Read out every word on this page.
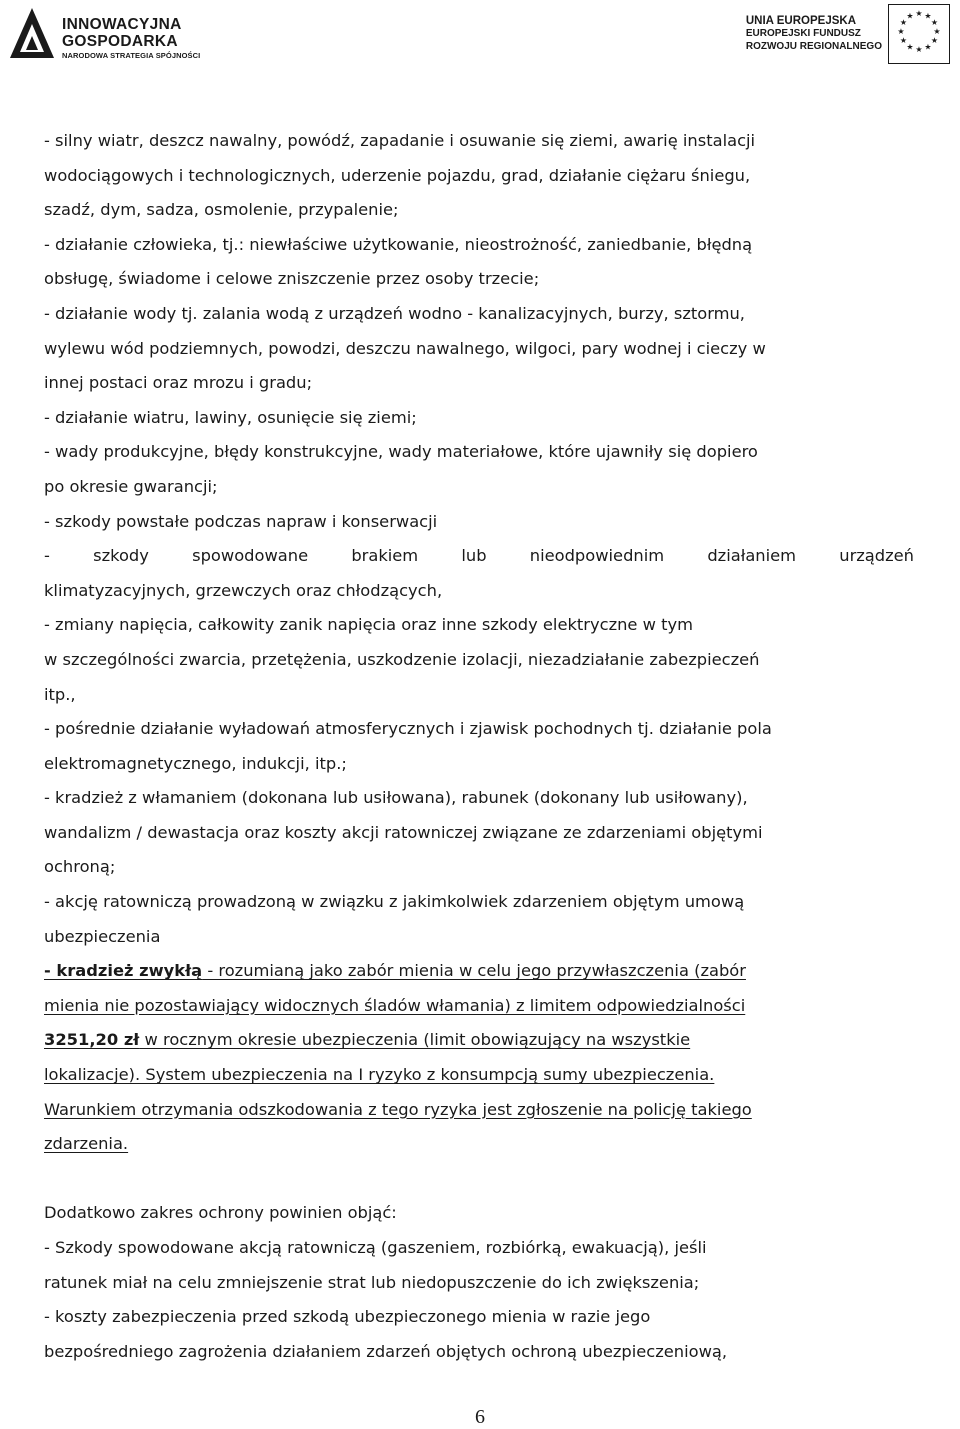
INNOWACYJNA
GOSPODARKA
NARODOWA STRATEGIA SPÓJNOŚCI
UNIA EUROPEJSKA
EUROPEJSKI FUNDUSZ
ROZWOJU REGIONALNEGO
★ ★
★
★
★
★
★
★
★
★
★
★
- silny wiatr, deszcz nawalny, powódź, zapadanie i osuwanie się ziemi, awarię instalacji
wodociągowych i technologicznych, uderzenie pojazdu, grad, działanie ciężaru śniegu,
szadź, dym, sadza, osmolenie, przypalenie;
- działanie człowieka, tj.: niewłaściwe użytkowanie, nieostrożność, zaniedbanie, błędną
obsługę, świadome i celowe zniszczenie przez osoby trzecie;
- działanie wody tj. zalania wodą z urządzeń wodno - kanalizacyjnych, burzy, sztormu,
wylewu wód podziemnych, powodzi, deszczu nawalnego, wilgoci, pary wodnej i cieczy w
innej postaci oraz mrozu i gradu;
- działanie wiatru, lawiny, osunięcie się ziemi;
- wady produkcyjne, błędy konstrukcyjne, wady materiałowe, które ujawniły się dopiero
po okresie gwarancji;
- szkody powstałe podczas napraw i konserwacji
- szkody spowodowane brakiem lub nieodpowiednim działaniem urządzeń
klimatyzacyjnych, grzewczych oraz chłodzących,
- zmiany napięcia, całkowity zanik napięcia oraz inne szkody elektryczne w tym
w szczególności zwarcia, przetężenia, uszkodzenie izolacji, niezadziałanie zabezpieczeń
itp.,
- pośrednie działanie wyładowań atmosferycznych i zjawisk pochodnych tj. działanie pola
elektromagnetycznego, indukcji, itp.;
- kradzież z włamaniem (dokonana lub usiłowana), rabunek (dokonany lub usiłowany),
wandalizm / dewastacja oraz koszty akcji ratowniczej związane ze zdarzeniami objętymi
ochroną;
- akcję ratowniczą prowadzoną w związku z jakimkolwiek zdarzeniem objętym umową
ubezpieczenia
- kradzież zwykłą - rozumianą jako zabór mienia w celu jego przywłaszczenia (zabór
mienia nie pozostawiający widocznych śladów włamania) z limitem odpowiedzialności
3251,20 zł w rocznym okresie ubezpieczenia (limit obowiązujący na wszystkie
lokalizacje). System ubezpieczenia na I ryzyko z konsumpcją sumy ubezpieczenia.
Warunkiem otrzymania odszkodowania z tego ryzyka jest zgłoszenie na policję takiego
zdarzenia.
Dodatkowo zakres ochrony powinien objąć:
- Szkody spowodowane akcją ratowniczą (gaszeniem, rozbiórką, ewakuacją), jeśli
ratunek miał na celu zmniejszenie strat lub niedopuszczenie do ich zwiększenia;
- koszty zabezpieczenia przed szkodą ubezpieczonego mienia w razie jego
bezpośredniego zagrożenia działaniem zdarzeń objętych ochroną ubezpieczeniową,
6
